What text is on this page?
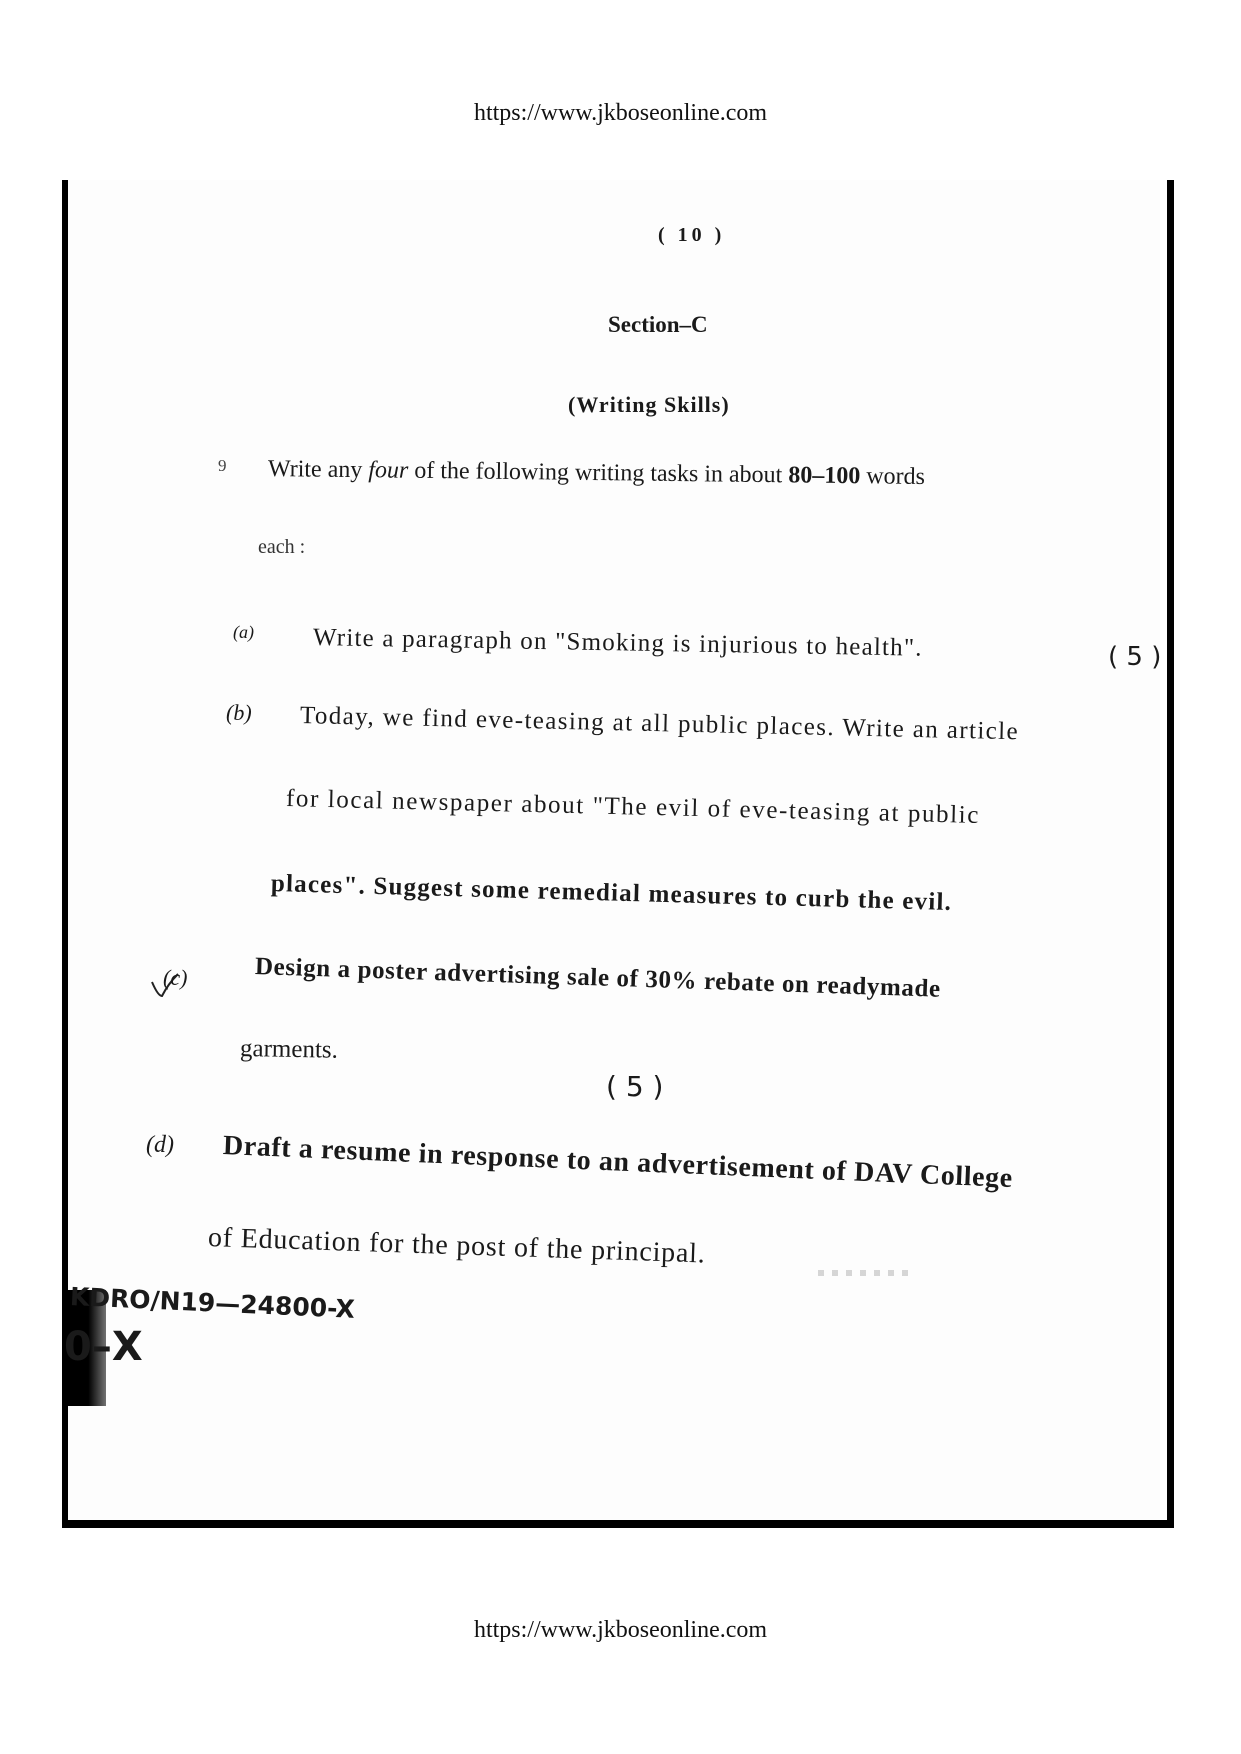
https://www.jkboseonline.com
( 10 )
Section–C
(Writing Skills)
9 Write any four of the following writing tasks in about 80–100 words
each :
(a) Write a paragraph on "Smoking is injurious to health".	( 5 )
(b) Today, we find eve-teasing at all public places. Write an article
for local newspaper about "The evil of eve-teasing at public
places". Suggest some remedial measures to curb the evil.
(c)	Design a poster advertising sale of 30% rebate on readymade
garments.
( 5 )
(d) Draft a resume in response to an advertisement of DAV College
of Education for the post of the principal.
KDRO/N19—24800-X
0–X
https://www.jkboseonline.com
